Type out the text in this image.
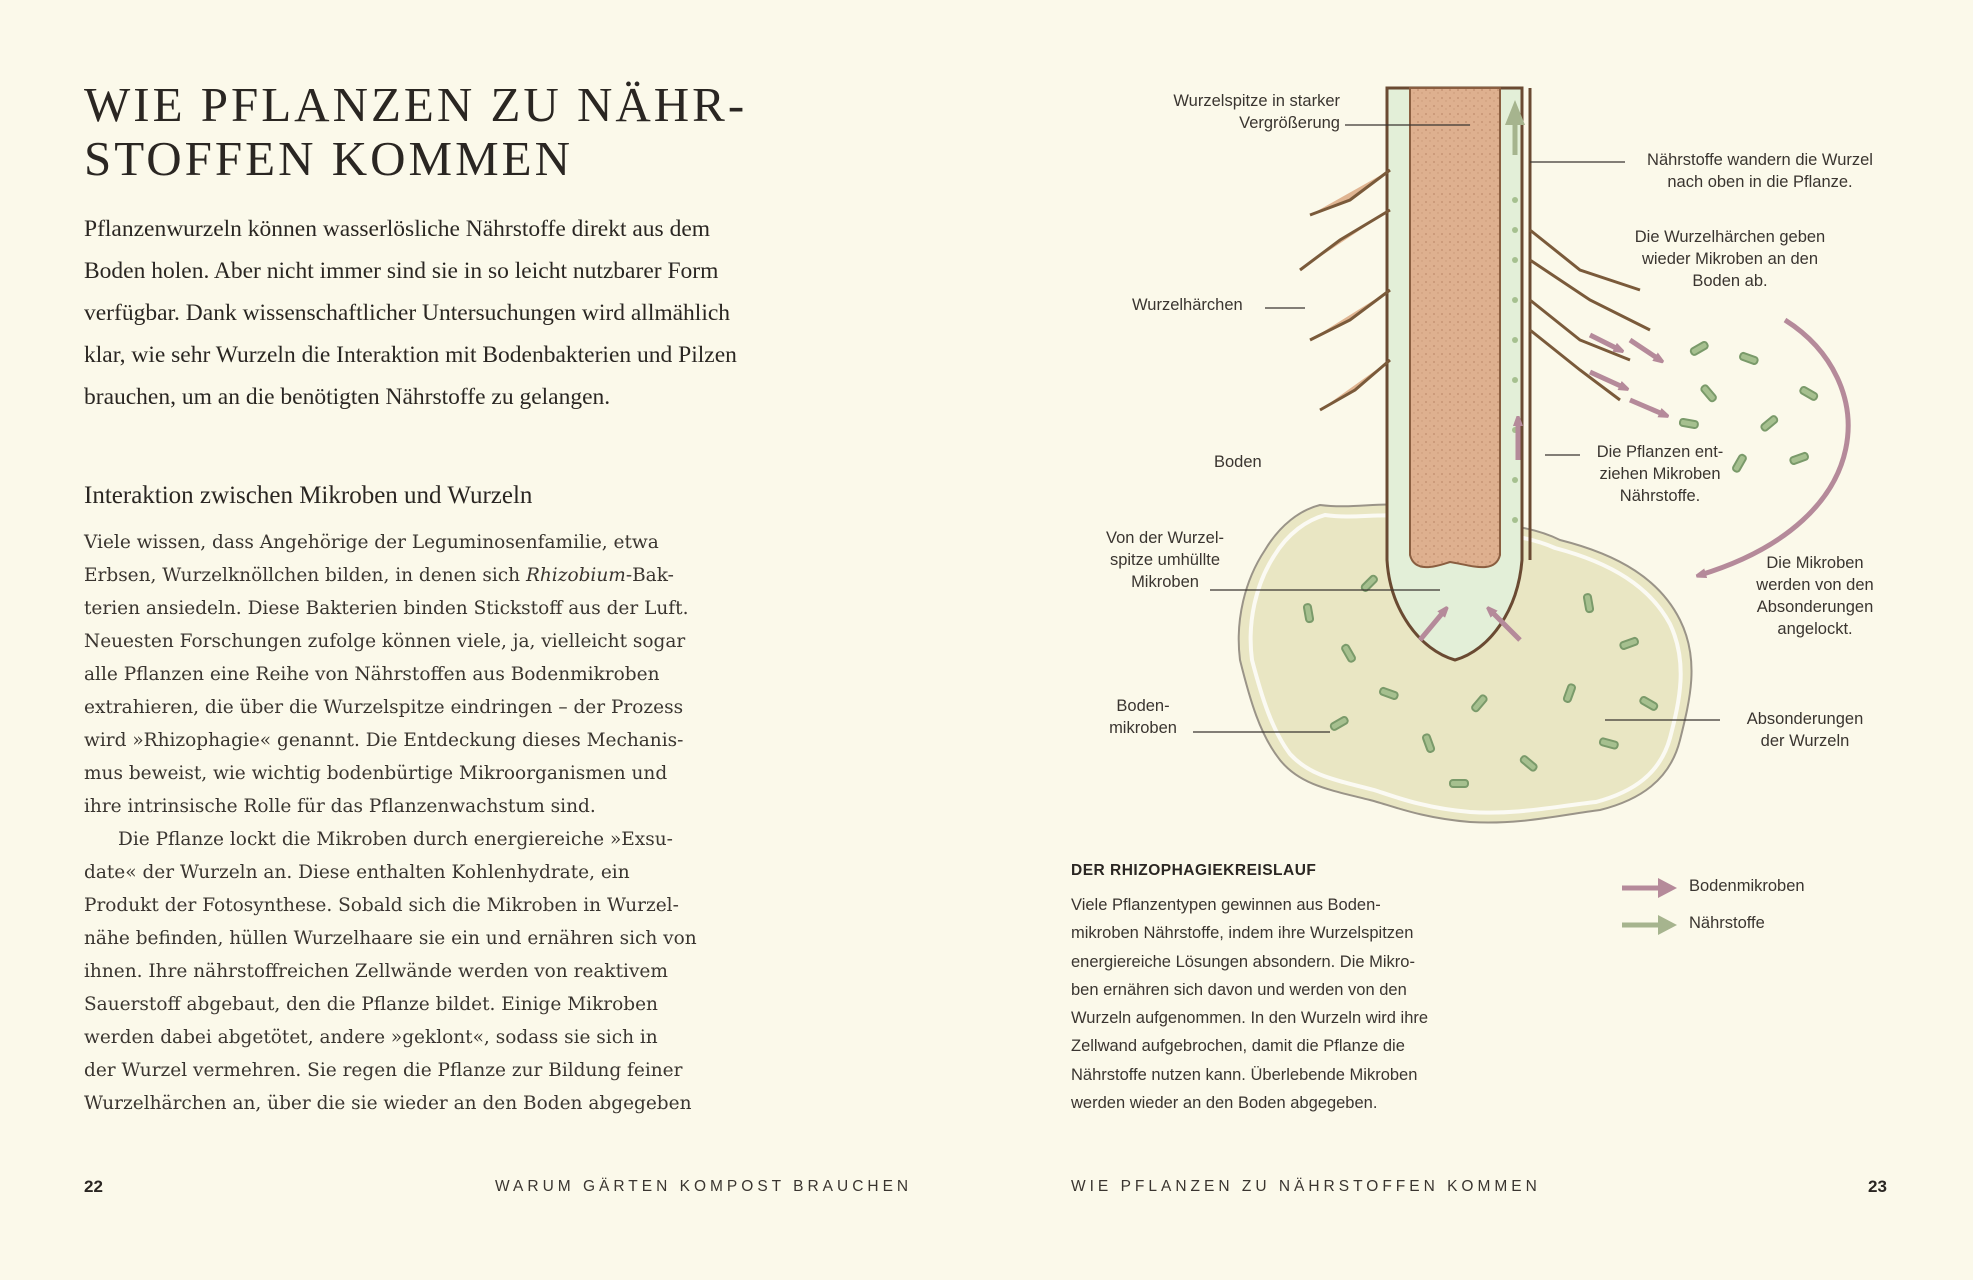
WIE PFLANZEN ZU NÄHR-
STOFFEN KOMMEN

Pflanzenwurzeln können wasserlösliche Nährstoffe direkt aus dem
Boden holen. Aber nicht immer sind sie in so leicht nutzbarer Form
verfügbar. Dank wissenschaftlicher Untersuchungen wird allmählich
klar, wie sehr Wurzeln die Interaktion mit Bodenbakterien und Pilzen
brauchen, um an die benötigten Nährstoffe zu gelangen.

Interaktion zwischen Mikroben und Wurzeln
Viele wissen, dass Angehörige der Leguminosenfamilie, etwa
Erbsen, Wurzelknöllchen bilden, in denen sich Rhizobium-Bak-
terien ansiedeln. Diese Bakterien binden Stickstoff aus der Luft.
Neuesten Forschungen zufolge können viele, ja, vielleicht sogar
alle Pflanzen eine Reihe von Nährstoffen aus Bodenmikroben
extrahieren, die über die Wurzelspitze eindringen – der Prozess
wird »Rhizophagie« genannt. Die Entdeckung dieses Mechanis-
mus beweist, wie wichtig bodenbürtige Mikroorganismen und
ihre intrinsische Rolle für das Pflanzenwachstum sind.
Die Pflanze lockt die Mikroben durch energiereiche »Exsu-
date« der Wurzeln an. Diese enthalten Kohlenhydrate, ein
Produkt der Fotosynthese. Sobald sich die Mikroben in Wurzel-
nähe befinden, hüllen Wurzelhaare sie ein und ernähren sich von
ihnen. Ihre nährstoffreichen Zellwände werden von reaktivem
Sauerstoff abgebaut, den die Pflanze bildet. Einige Mikroben
werden dabei abgetötet, andere »geklont«, sodass sie sich in
der Wurzel vermehren. Sie regen die Pflanze zur Bildung feiner
Wurzelhärchen an, über die sie wieder an den Boden abgegeben
22	WARUM GÄRTEN KOMPOST BRAUCHEN
Wurzelspitze in starker
Vergrößerung
Nährstoffe wandern die Wurzel
nach oben in die Pflanze.
Die Wurzelhärchen geben
wieder Mikroben an den
Boden ab.
Wurzelhärchen
Boden
Die Pflanzen ent-
ziehen Mikroben
Nährstoffe.
Von der Wurzel-
spitze umhüllte
Mikroben
Die Mikroben
werden von den
Absonderungen
angelockt.
Boden-
mikroben	Absonderungen
der Wurzeln
DER RHIZOPHAGIEKREISLAUF

Viele Pflanzentypen gewinnen aus Boden-
mikroben Nährstoffe, indem ihre Wurzelspitzen
energiereiche Lösungen absondern. Die Mikro-
ben ernähren sich davon und werden von den
Wurzeln aufgenommen. In den Wurzeln wird ihre
Zellwand aufgebrochen, damit die Pflanze die
Nährstoffe nutzen kann. Überlebende Mikroben
werden wieder an den Boden abgegeben.

Bodenmikroben
Nährstoffe
WIE PFLANZEN ZU NÄHRSTOFFEN KOMMEN	23
